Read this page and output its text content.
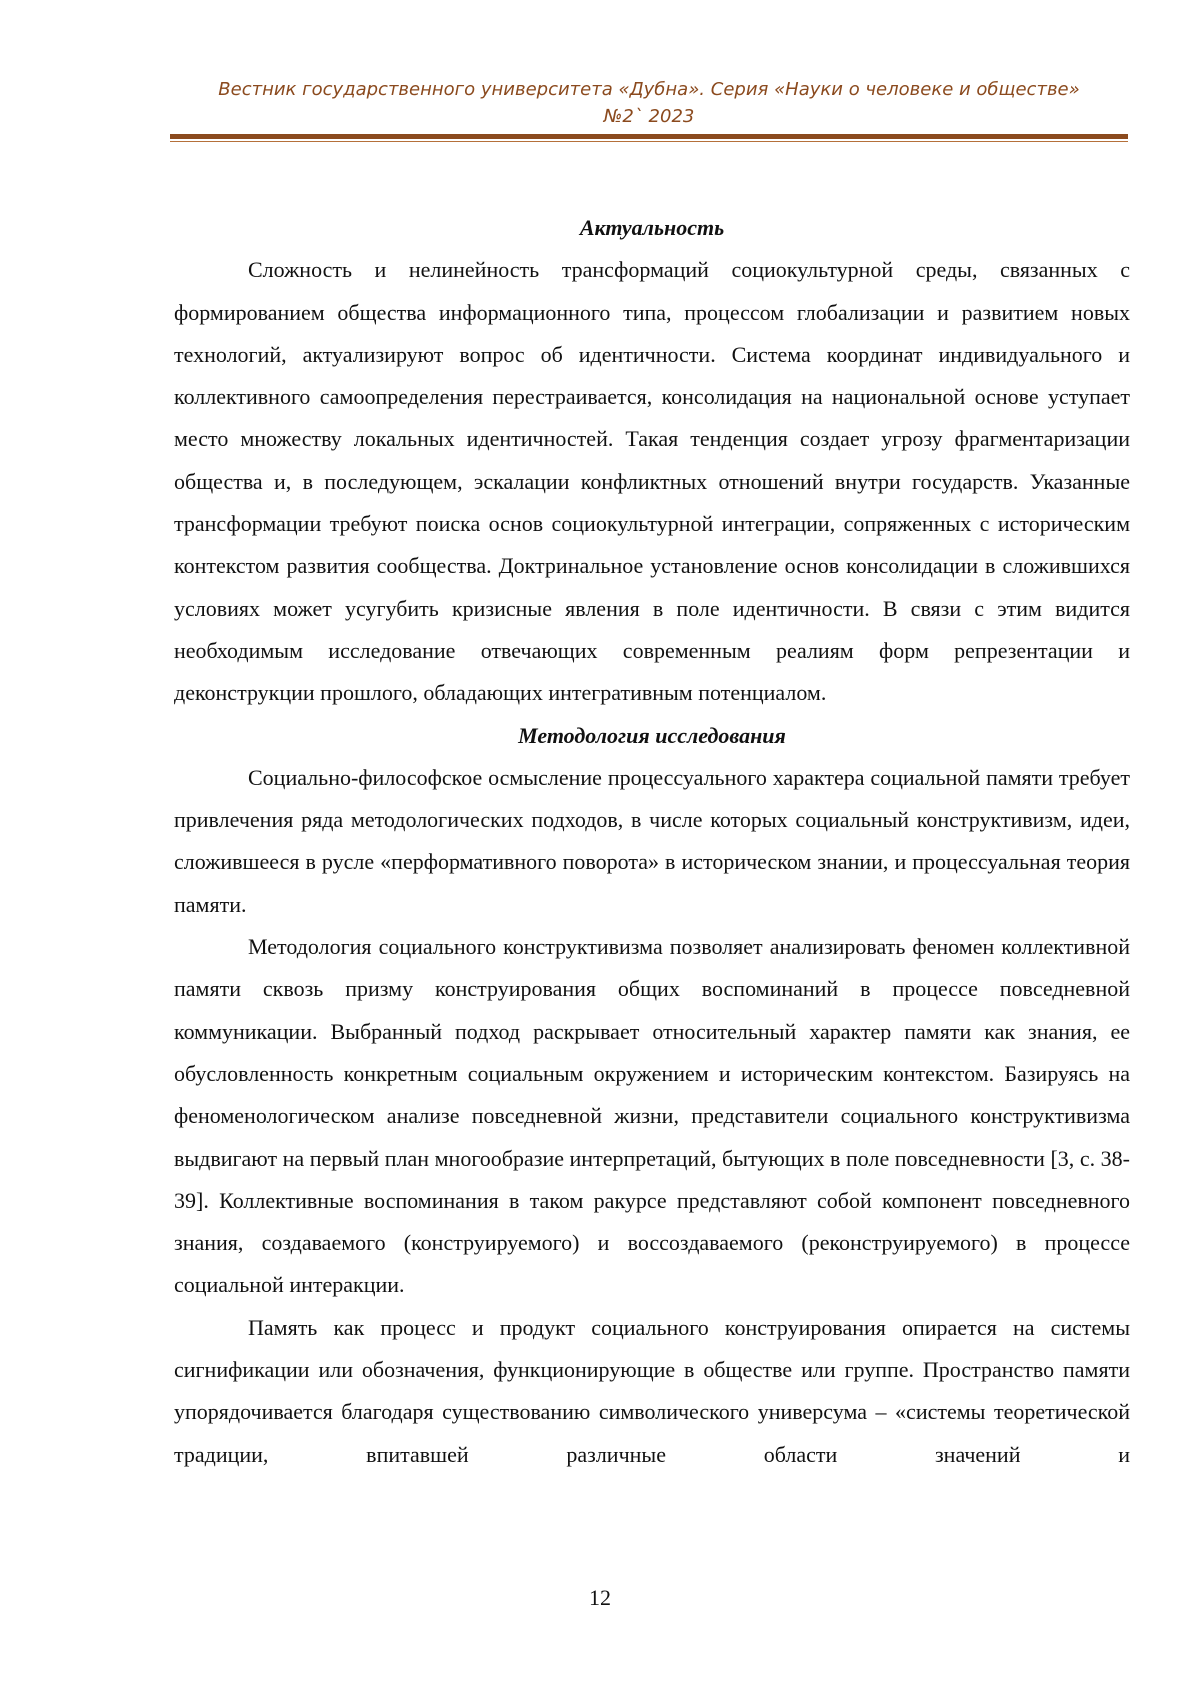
Вестник государственного университета «Дубна». Серия «Науки о человеке и обществе»
№2` 2023
Актуальность

Сложность и нелинейность трансформаций социокультурной среды, связанных с формированием общества информационного типа, процессом глобализации и развитием новых технологий, актуализируют вопрос об идентичности. Система координат индивидуального и коллективного самоопределения перестраивается, консолидация на национальной основе уступает место множеству локальных идентичностей. Такая тенденция создает угрозу фрагментаризации общества и, в последующем, эскалации конфликтных отношений внутри государств. Указанные трансформации требуют поиска основ социокультурной интеграции, сопряженных с историческим контекстом развития сообщества. Доктринальное установление основ консолидации в сложившихся условиях может усугубить кризисные явления в поле идентичности. В связи с этим видится необходимым исследование отвечающих современным реалиям форм репрезентации и деконструкции прошлого, обладающих интегративным потенциалом.

Методология исследования

Социально-философское осмысление процессуального характера социальной памяти требует привлечения ряда методологических подходов, в числе которых социальный конструктивизм, идеи, сложившееся в русле «перформативного поворота» в историческом знании, и процессуальная теория памяти.

Методология социального конструктивизма позволяет анализировать феномен коллективной памяти сквозь призму конструирования общих воспоминаний в процессе повседневной коммуникации. Выбранный подход раскрывает относительный характер памяти как знания, ее обусловленность конкретным социальным окружением и историческим контекстом. Базируясь на феноменологическом анализе повседневной жизни, представители социального конструктивизма выдвигают на первый план многообразие интерпретаций, бытующих в поле повседневности [3, с. 38-39]. Коллективные воспоминания в таком ракурсе представляют собой компонент повседневного знания, создаваемого (конструируемого) и воссоздаваемого (реконструируемого) в процессе социальной интеракции.

Память как процесс и продукт социального конструирования опирается на системы сигнификации или обозначения, функционирующие в обществе или группе. Пространство памяти упорядочивается благодаря существованию символического универсума – «системы теоретической традиции, впитавшей различные области значений и

12
